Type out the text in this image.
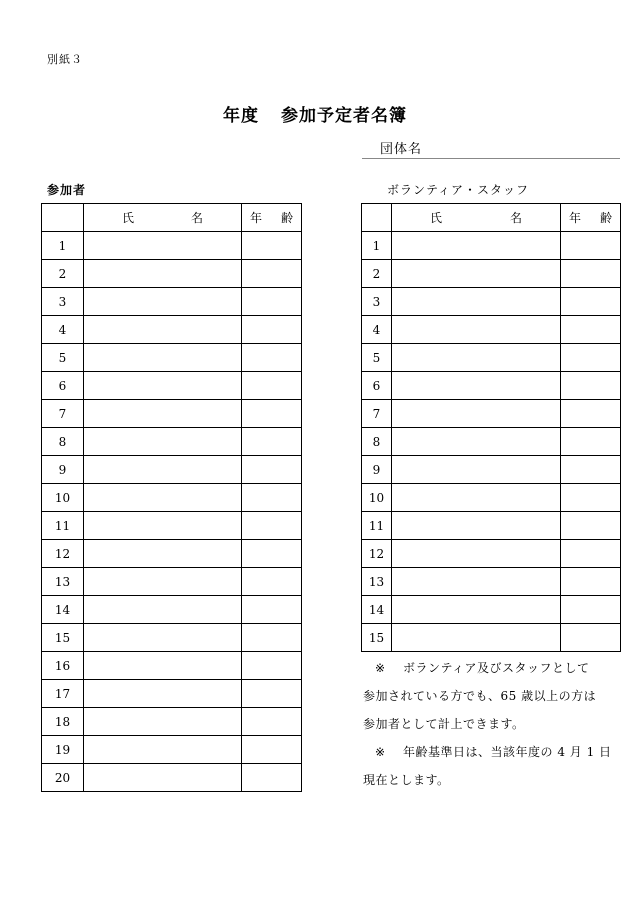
別紙３
年度 参加予定者名簿
団体名
参加者	ボランティア・スタッフ

	氏 名	年 齢

1		
2		
3		
4		
5		
6		
7		
8		
9		
10		
11		
12		
13		
14		
15		
16		
17		
18		
19		
20		

	氏 名	年 齢

1		
2		
3		
4		
5		
6		
7		
8		
9		
10		
11		
12		
13		
14		
15		

※ ボランティア及びスタッフとして

参加されている方でも、65 歳以上の方は

参加者として計上できます。

※ 年齢基準日は、当該年度の 4 月 1 日

現在とします。
